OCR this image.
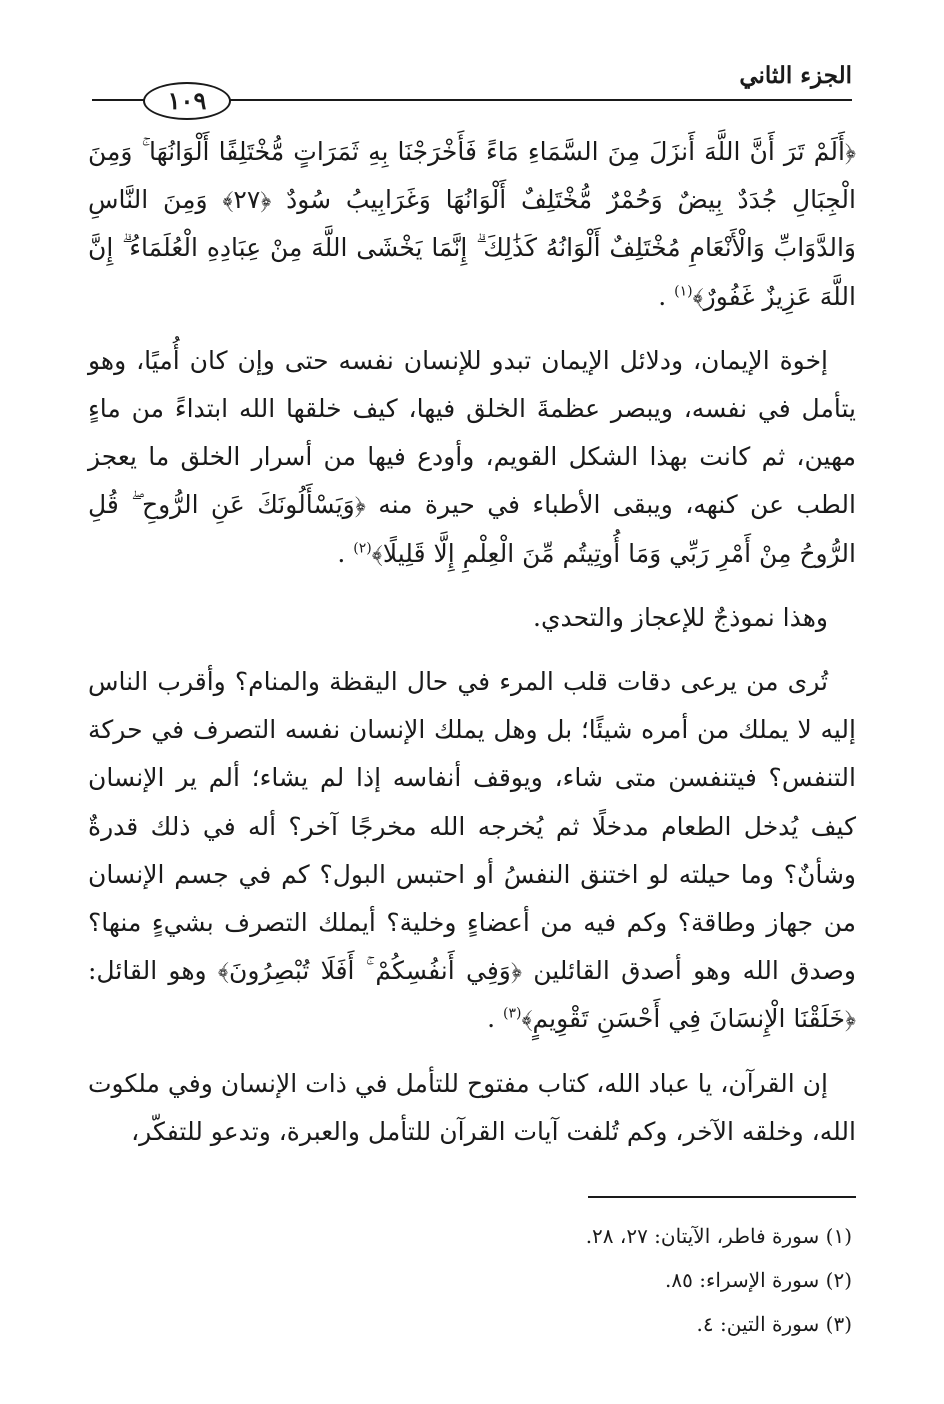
الجزء الثاني
١٠٩

﴿أَلَمْ تَرَ أَنَّ اللَّهَ أَنزَلَ مِنَ السَّمَاءِ مَاءً فَأَخْرَجْنَا بِهِ ثَمَرَاتٍ مُّخْتَلِفًا أَلْوَانُهَا ۚ وَمِنَ الْجِبَالِ جُدَدٌ بِيضٌ وَحُمْرٌ مُّخْتَلِفٌ أَلْوَانُهَا وَغَرَابِيبُ سُودٌ ﴿٢٧﴾ وَمِنَ النَّاسِ وَالدَّوَابِّ وَالْأَنْعَامِ مُخْتَلِفٌ أَلْوَانُهُ كَذَٰلِكَ ۗ إِنَّمَا يَخْشَى اللَّهَ مِنْ عِبَادِهِ الْعُلَمَاءُ ۗ إِنَّ اللَّهَ عَزِيزٌ غَفُورٌ﴾$^{(١)}$ .

إخوة الإيمان، ودلائل الإيمان تبدو للإنسان نفسه حتى وإن كان أُميًا، وهو يتأمل في نفسه، ويبصر عظمةَ الخلق فيها، كيف خلقها الله ابتداءً من ماءٍ مهين، ثم كانت بهذا الشكل القويم، وأودع فيها من أسرار الخلق ما يعجز الطب عن كنهه، ويبقى الأطباء في حيرة منه ﴿وَيَسْأَلُونَكَ عَنِ الرُّوحِ ۖ قُلِ الرُّوحُ مِنْ أَمْرِ رَبِّي وَمَا أُوتِيتُم مِّنَ الْعِلْمِ إِلَّا قَلِيلًا﴾$^{(٢)}$ .

وهذا نموذجٌ للإعجاز والتحدي.

تُرى من يرعى دقات قلب المرء في حال اليقظة والمنام؟ وأقرب الناس إليه لا يملك من أمره شيئًا؛ بل وهل يملك الإنسان نفسه التصرف في حركة التنفس؟ فيتنفسن متى شاء، ويوقف أنفاسه إذا لم يشاء؛ ألم ير الإنسان كيف يُدخل الطعام مدخلًا ثم يُخرجه الله مخرجًا آخر؟ أله في ذلك قدرةٌ وشأنٌ؟ وما حيلته لو اختنق النفسُ أو احتبس البول؟ كم في جسم الإنسان من جهاز وطاقة؟ وكم فيه من أعضاءٍ وخلية؟ أيملك التصرف بشيءٍ منها؟ وصدق الله وهو أصدق القائلين ﴿وَفِي أَنفُسِكُمْ ۚ أَفَلَا تُبْصِرُونَ﴾ وهو القائل: ﴿خَلَقْنَا الْإِنسَانَ فِي أَحْسَنِ تَقْوِيمٍ﴾$^{(٣)}$ .

إن القرآن، يا عباد الله، كتاب مفتوح للتأمل في ذات الإنسان وفي ملكوت الله، وخلقه الآخر، وكم تُلفت آيات القرآن للتأمل والعبرة، وتدعو للتفكّر،

(١) سورة فاطر، الآيتان: ٢٧، ٢٨.
(٢) سورة الإسراء: ٨٥.
(٣) سورة التين: ٤.
